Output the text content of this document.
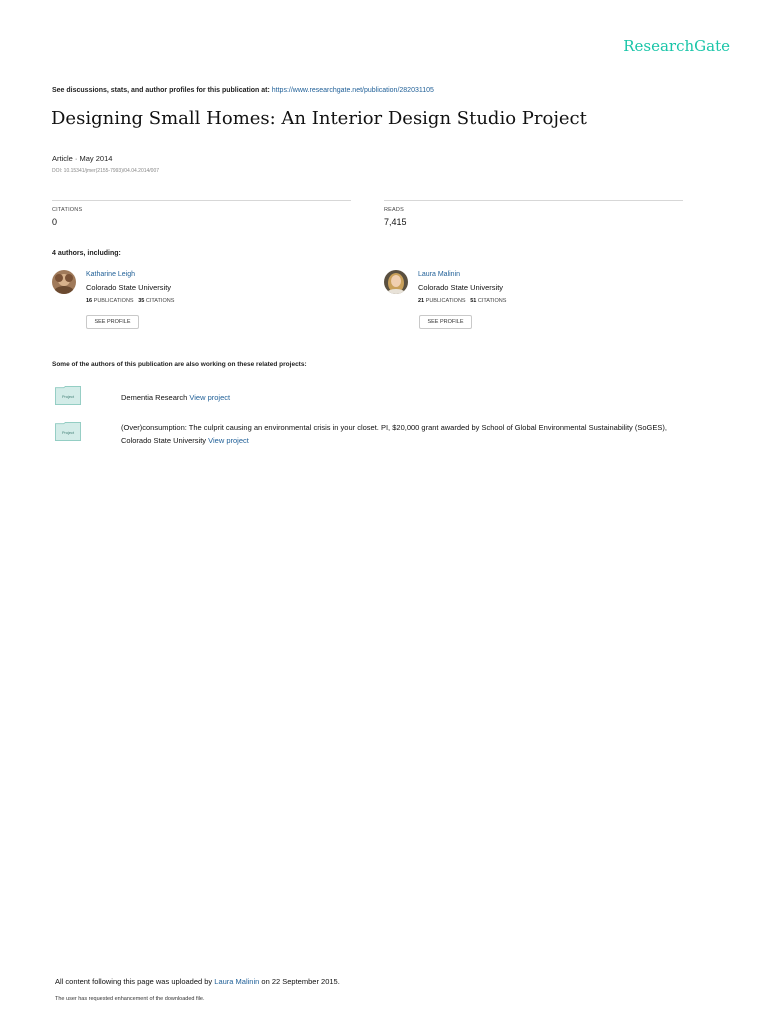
ResearchGate
See discussions, stats, and author profiles for this publication at: https://www.researchgate.net/publication/282031105
Designing Small Homes: An Interior Design Studio Project
Article · May 2014
DOI: 10.15341/jmer(2155-7993)/04.04.2014/007
CITATIONS
0
READS
7,415
4 authors, including:
Katharine Leigh
Colorado State University
16 PUBLICATIONS 35 CITATIONS
SEE PROFILE
Laura Malinin
Colorado State University
21 PUBLICATIONS 51 CITATIONS
SEE PROFILE
Some of the authors of this publication are also working on these related projects:
Project	Dementia Research View project
Project
(Over)consumption: The culprit causing an environmental crisis in your closet. PI, $20,000 grant awarded by School of Global Environmental Sustainability (SoGES),
Colorado State University View project
All content following this page was uploaded by Laura Malinin on 22 September 2015.
The user has requested enhancement of the downloaded file.
